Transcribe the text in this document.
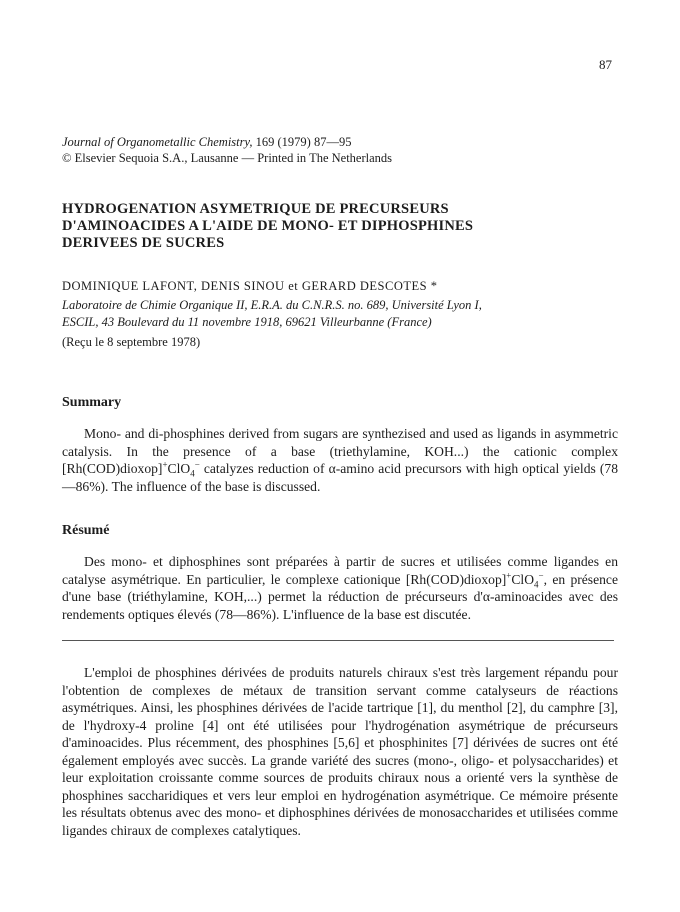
87
Journal of Organometallic Chemistry, 169 (1979) 87—95
© Elsevier Sequoia S.A., Lausanne — Printed in The Netherlands
HYDROGENATION ASYMETRIQUE DE PRECURSEURS
D'AMINOACIDES A L'AIDE DE MONO- ET DIPHOSPHINES
DERIVEES DE SUCRES
DOMINIQUE LAFONT, DENIS SINOU et GERARD DESCOTES *
Laboratoire de Chimie Organique II, E.R.A. du C.N.R.S. no. 689, Université Lyon I,
ESCIL, 43 Boulevard du 11 novembre 1918, 69621 Villeurbanne (France)
(Reçu le 8 septembre 1978)
Summary

Mono- and di-phosphines derived from sugars are synthezised and used as ligands in asymmetric catalysis. In the presence of a base (triethylamine, KOH...) the cationic complex [Rh(COD)dioxop]+ClO$_4$− catalyzes reduction of α-amino acid precursors with high optical yields (78—86%). The influence of the base is discussed.

Résumé

Des mono- et diphosphines sont préparées à partir de sucres et utilisées comme ligandes en catalyse asymétrique. En particulier, le complexe cationique [Rh(COD)dioxop]+ClO$_4$−, en présence d'une base (triéthylamine, KOH,...) permet la réduction de précurseurs d'α-aminoacides avec des rendements optiques élevés (78—86%). L'influence de la base est discutée.

L'emploi de phosphines dérivées de produits naturels chiraux s'est très largement répandu pour l'obtention de complexes de métaux de transition servant comme catalyseurs de réactions asymétriques. Ainsi, les phosphines dérivées de l'acide tartrique [1], du menthol [2], du camphre [3], de l'hydroxy-4 proline [4] ont été utilisées pour l'hydrogénation asymétrique de précurseurs d'aminoacides. Plus récemment, des phosphines [5,6] et phosphinites [7] dérivées de sucres ont été également employés avec succès. La grande variété des sucres (mono-, oligo- et polysaccharides) et leur exploitation croissante comme sources de produits chiraux nous a orienté vers la synthèse de phosphines saccharidiques et vers leur emploi en hydrogénation asymétrique. Ce mémoire présente les résultats obtenus avec des mono- et diphosphines dérivées de monosaccharides et utilisées comme ligandes chiraux de complexes catalytiques.
